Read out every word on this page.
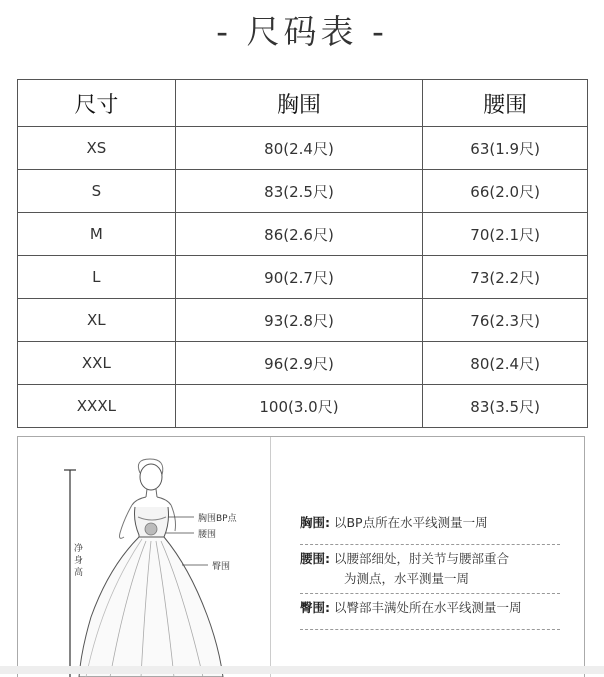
- 尺码表 -
尺寸	胸围	腰围
XS	80(2.4尺)	63(1.9尺)
S	83(2.5尺)	66(2.0尺)
M	86(2.6尺)	70(2.1尺)
L	90(2.7尺)	73(2.2尺)
XL	93(2.8尺)	76(2.3尺)
XXL	96(2.9尺)	80(2.4尺)
XXXL	100(3.0尺)	83(3.5尺)
胸围BP点
腰围
臀围
净身高
胸围: 以BP点所在水平线测量一周
腰围: 以腰部细处，肘关节与腰部重合
为测点，水平测量一周
臀围: 以臀部丰满处所在水平线测量一周
